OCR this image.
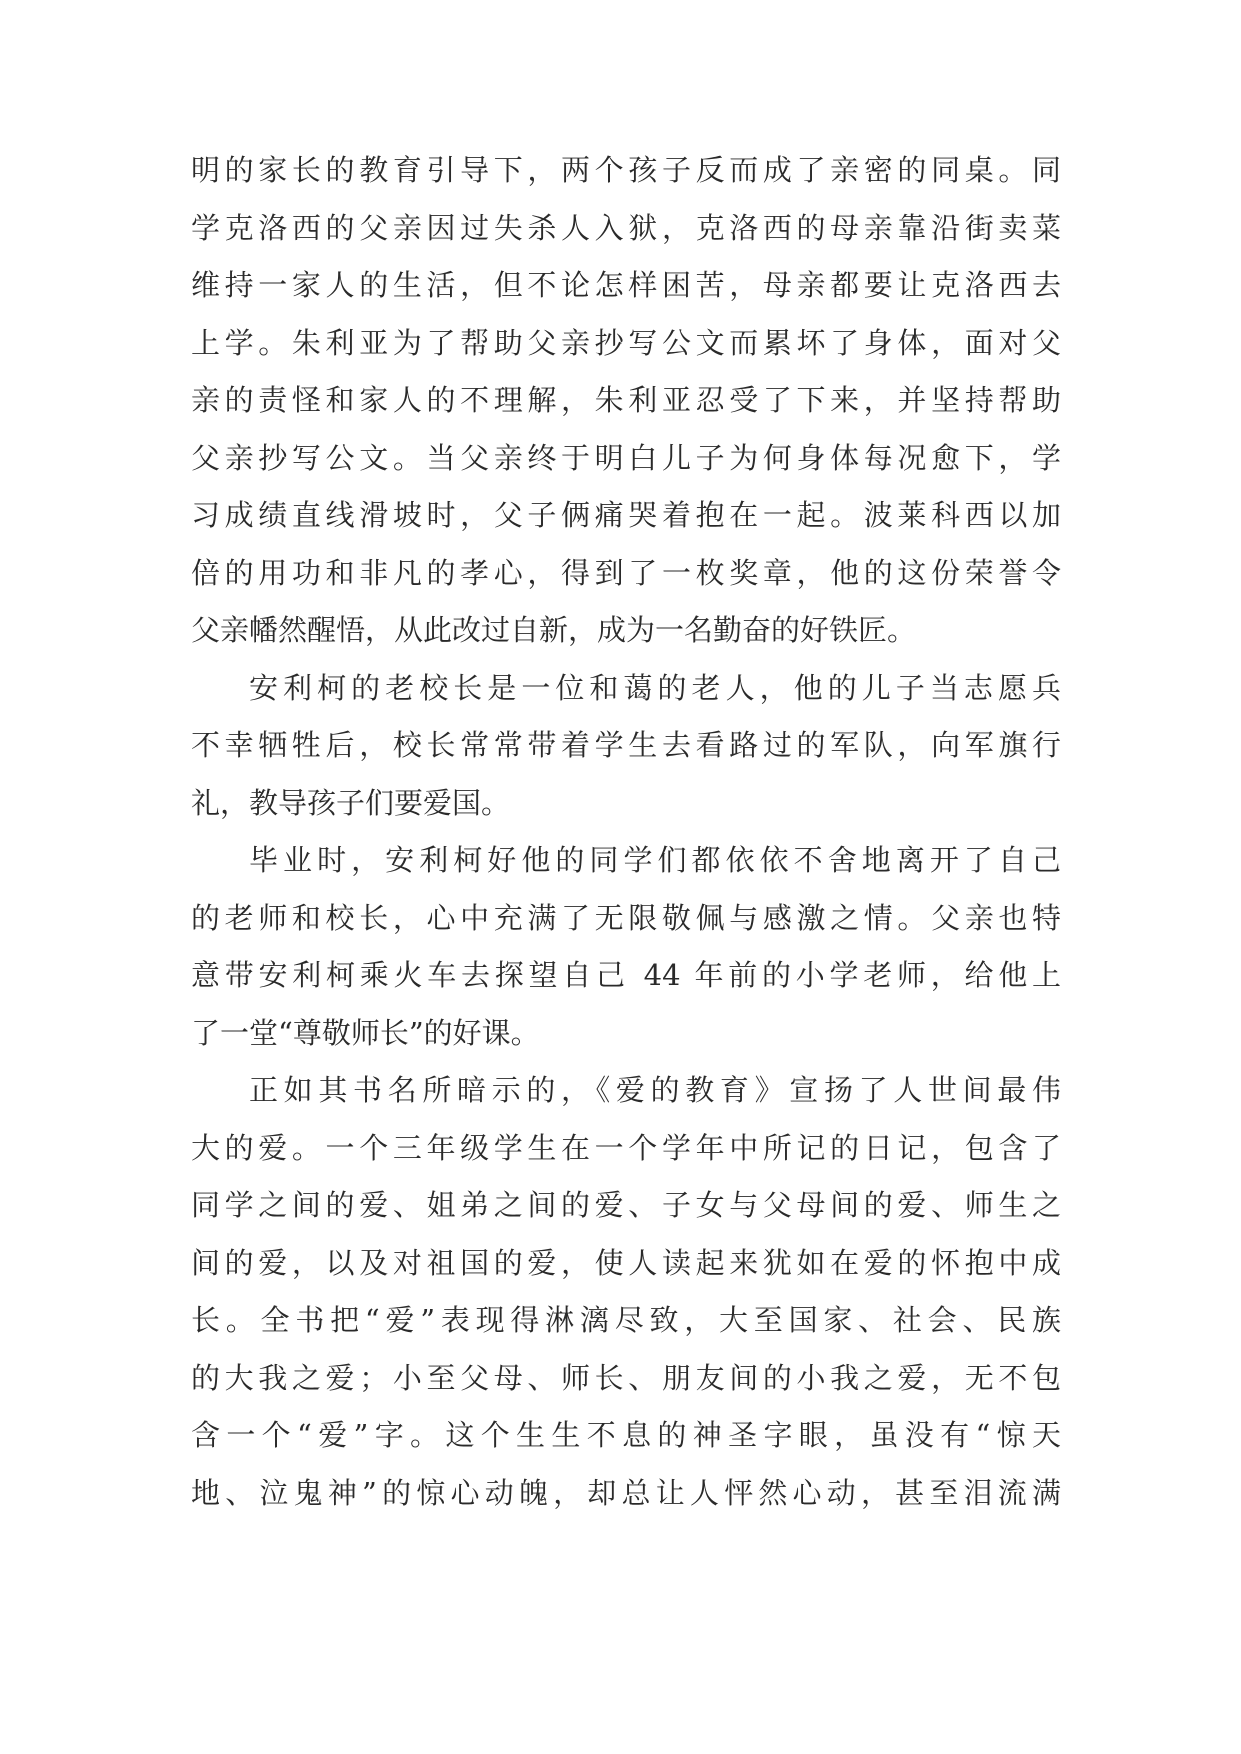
明的家长的教育引导下，两个孩子反而成了亲密的同桌。同
学克洛西的父亲因过失杀人入狱，克洛西的母亲靠沿街卖菜
维持一家人的生活，但不论怎样困苦，母亲都要让克洛西去
上学。朱利亚为了帮助父亲抄写公文而累坏了身体，面对父
亲的责怪和家人的不理解，朱利亚忍受了下来，并坚持帮助
父亲抄写公文。当父亲终于明白儿子为何身体每况愈下，学
习成绩直线滑坡时，父子俩痛哭着抱在一起。波莱科西以加
倍的用功和非凡的孝心，得到了一枚奖章，他的这份荣誉令
父亲幡然醒悟，从此改过自新，成为一名勤奋的好铁匠。
安利柯的老校长是一位和蔼的老人，他的儿子当志愿兵
不幸牺牲后，校长常常带着学生去看路过的军队，向军旗行
礼，教导孩子们要爱国。
毕业时，安利柯好他的同学们都依依不舍地离开了自己
的老师和校长，心中充满了无限敬佩与感激之情。父亲也特
意带安利柯乘火车去探望自己 44 年前的小学老师，给他上
了一堂“尊敬师长”的好课。
正如其书名所暗示的，《爱的教育》宣扬了人世间最伟
大的爱。一个三年级学生在一个学年中所记的日记，包含了
同学之间的爱、姐弟之间的爱、子女与父母间的爱、师生之
间的爱，以及对祖国的爱，使人读起来犹如在爱的怀抱中成
长。全书把“爱”表现得淋漓尽致，大至国家、社会、民族
的大我之爱；小至父母、师长、朋友间的小我之爱，无不包
含一个“爱”字。这个生生不息的神圣字眼，虽没有“惊天
地、泣鬼神”的惊心动魄，却总让人怦然心动，甚至泪流满
